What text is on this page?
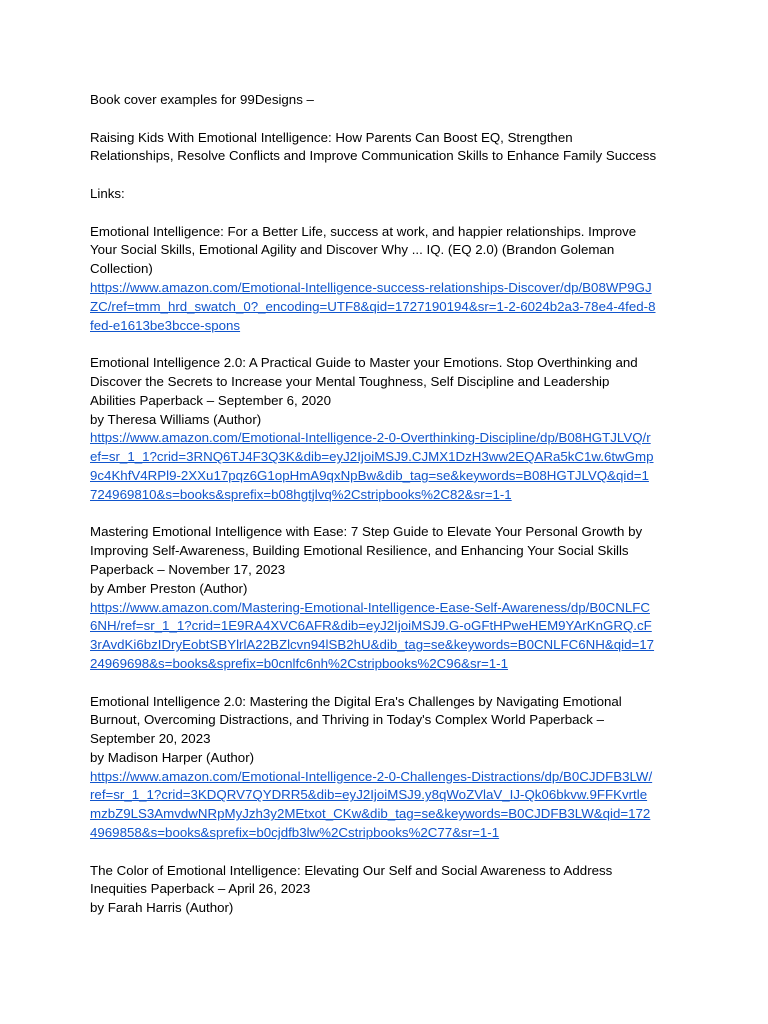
Book cover examples for 99Designs –
Raising Kids With Emotional Intelligence: How Parents Can Boost EQ, Strengthen
Relationships, Resolve Conflicts and Improve Communication Skills to Enhance Family Success
Links:
Emotional Intelligence: For a Better Life, success at work, and happier relationships. Improve
Your Social Skills, Emotional Agility and Discover Why ... IQ. (EQ 2.0) (Brandon Goleman
Collection)
https://www.amazon.com/Emotional-Intelligence-success-relationships-Discover/dp/B08WP9GJ
ZC/ref=tmm_hrd_swatch_0?_encoding=UTF8&qid=1727190194&sr=1-2-6024b2a3-78e4-4fed-8
fed-e1613be3bcce-spons
Emotional Intelligence 2.0: A Practical Guide to Master your Emotions. Stop Overthinking and
Discover the Secrets to Increase your Mental Toughness, Self Discipline and Leadership
Abilities Paperback – September 6, 2020
by Theresa Williams (Author)
https://www.amazon.com/Emotional-Intelligence-2-0-Overthinking-Discipline/dp/B08HGTJLVQ/r
ef=sr_1_1?crid=3RNQ6TJ4F3Q3K&dib=eyJ2IjoiMSJ9.CJMX1DzH3ww2EQARa5kC1w.6twGmp
9c4KhfV4RPl9-2XXu17pqz6G1opHmA9qxNpBw&dib_tag=se&keywords=B08HGTJLVQ&qid=1
724969810&s=books&sprefix=b08hgtjlvq%2Cstripbooks%2C82&sr=1-1
Mastering Emotional Intelligence with Ease: 7 Step Guide to Elevate Your Personal Growth by
Improving Self-Awareness, Building Emotional Resilience, and Enhancing Your Social Skills
Paperback – November 17, 2023
by Amber Preston (Author)
https://www.amazon.com/Mastering-Emotional-Intelligence-Ease-Self-Awareness/dp/B0CNLFC
6NH/ref=sr_1_1?crid=1E9RA4XVC6AFR&dib=eyJ2IjoiMSJ9.G-oGFtHPweHEM9YArKnGRQ.cF
3rAvdKi6bzIDryEobtSBYlrlA22BZlcvn94lSB2hU&dib_tag=se&keywords=B0CNLFC6NH&qid=17
24969698&s=books&sprefix=b0cnlfc6nh%2Cstripbooks%2C96&sr=1-1
Emotional Intelligence 2.0: Mastering the Digital Era's Challenges by Navigating Emotional
Burnout, Overcoming Distractions, and Thriving in Today's Complex World Paperback –
September 20, 2023
by Madison Harper (Author)
https://www.amazon.com/Emotional-Intelligence-2-0-Challenges-Distractions/dp/B0CJDFB3LW/
ref=sr_1_1?crid=3KDQRV7QYDRR5&dib=eyJ2IjoiMSJ9.y8qWoZVlaV_IJ-Qk06bkvw.9FFKvrtle
mzbZ9LS3AmvdwNRpMyJzh3y2MEtxot_CKw&dib_tag=se&keywords=B0CJDFB3LW&qid=172
4969858&s=books&sprefix=b0cjdfb3lw%2Cstripbooks%2C77&sr=1-1
The Color of Emotional Intelligence: Elevating Our Self and Social Awareness to Address
Inequities Paperback – April 26, 2023
by Farah Harris (Author)
